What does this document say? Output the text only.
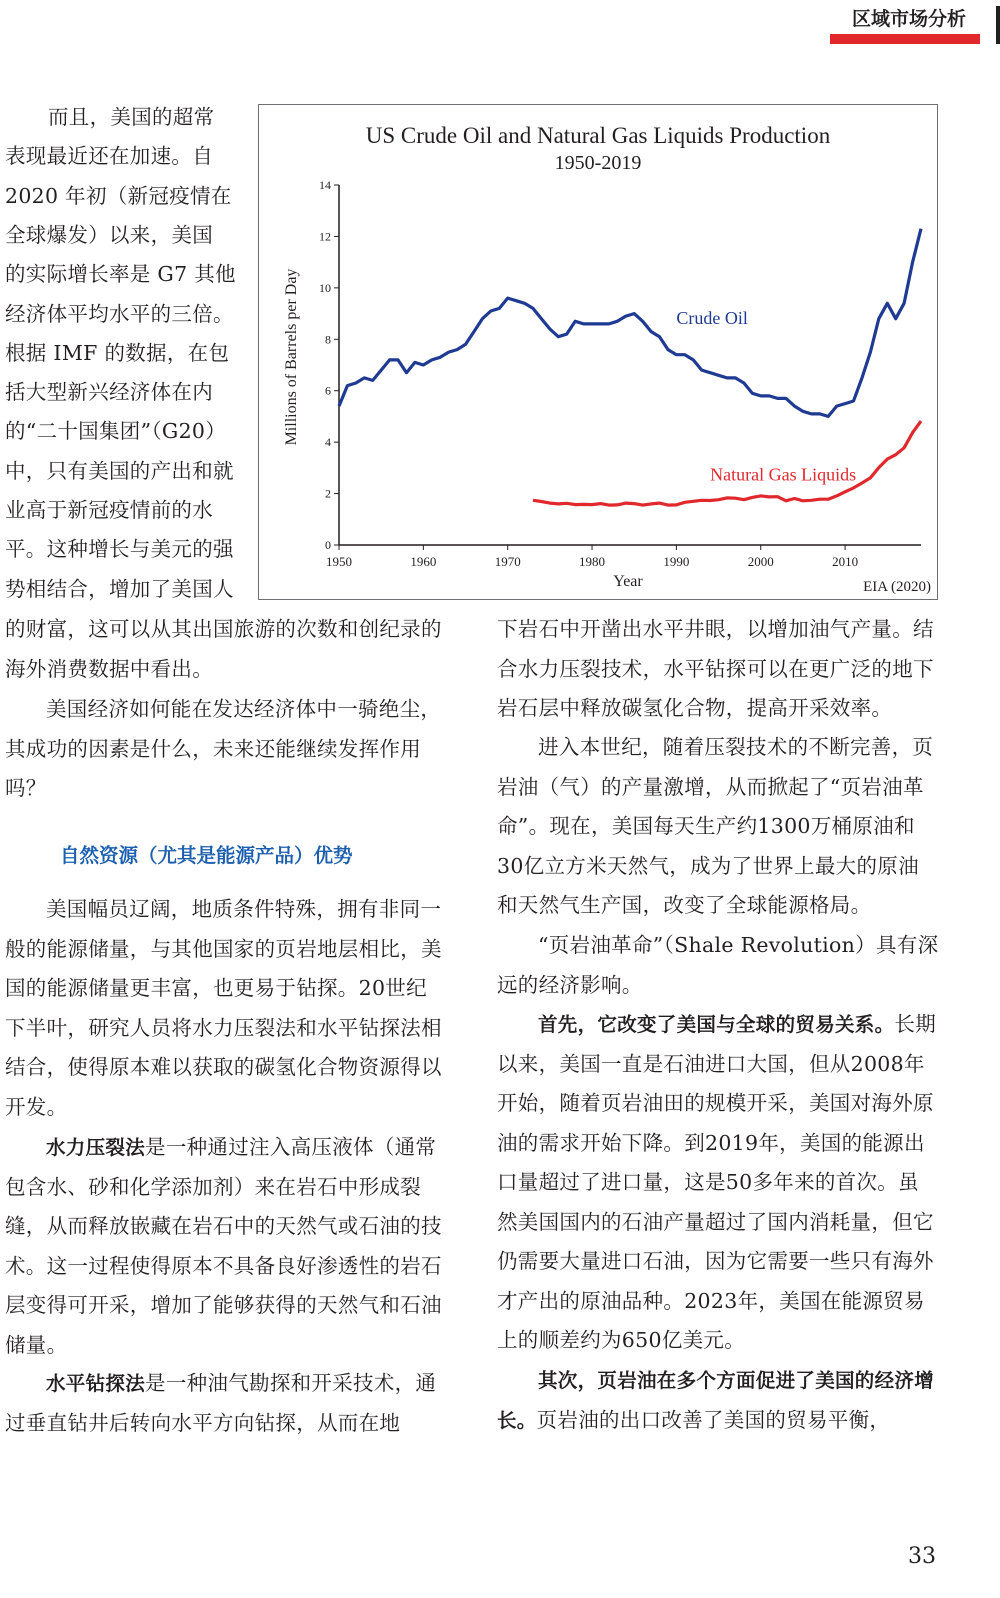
区域市场分析
而且，美国的超常
表现最近还在加速。自
2020 年初（新冠疫情在
全球爆发）以来，美国
的实际增长率是 G7 其他
经济体平均水平的三倍。
根据 IMF 的数据，在包
括大型新兴经济体在内
的“二十国集团”（G20）
中，只有美国的产出和就
业高于新冠疫情前的水
平。这种增长与美元的强
势相结合，增加了美国人
US Crude Oil and Natural Gas Liquids Production
1950-2019
Millions of Barrels per Day
Year	EIA (2020)
0
2
4
6
8
10
12
14
1950	1960	1970	1980	1990	2000	2010
Crude Oil
Natural Gas Liquids

的财富，这可以从其出国旅游的次数和创纪录的海外消费数据中看出。

美国经济如何能在发达经济体中一骑绝尘，其成功的因素是什么，未来还能继续发挥作用吗？

自然资源（尤其是能源产品）优势

美国幅员辽阔，地质条件特殊，拥有非同一般的能源储量，与其他国家的页岩地层相比，美国的能源储量更丰富，也更易于钻探。20世纪下半叶，研究人员将水力压裂法和水平钻探法相结合，使得原本难以获取的碳氢化合物资源得以开发。

水力压裂法是一种通过注入高压液体（通常包含水、砂和化学添加剂）来在岩石中形成裂缝，从而释放嵌藏在岩石中的天然气或石油的技术。这一过程使得原本不具备良好渗透性的岩石层变得可开采，增加了能够获得的天然气和石油储量。

水平钻探法是一种油气勘探和开采技术，通过垂直钻井后转向水平方向钻探，从而在地

下岩石中开凿出水平井眼，以增加油气产量。结合水力压裂技术，水平钻探可以在更广泛的地下岩石层中释放碳氢化合物，提高开采效率。

进入本世纪，随着压裂技术的不断完善，页岩油（气）的产量激增，从而掀起了“页岩油革命”。现在，美国每天生产约1300万桶原油和30亿立方米天然气，成为了世界上最大的原油和天然气生产国，改变了全球能源格局。

“页岩油革命”（Shale Revolution）具有深远的经济影响。

首先，它改变了美国与全球的贸易关系。长期以来，美国一直是石油进口大国，但从2008年开始，随着页岩油田的规模开采，美国对海外原油的需求开始下降。到2019年，美国的能源出口量超过了进口量，这是50多年来的首次。虽然美国国内的石油产量超过了国内消耗量，但它仍需要大量进口石油，因为它需要一些只有海外才产出的原油品种。2023年，美国在能源贸易上的顺差约为650亿美元。

其次，页岩油在多个方面促进了美国的经济增长。页岩油的出口改善了美国的贸易平衡，

33
